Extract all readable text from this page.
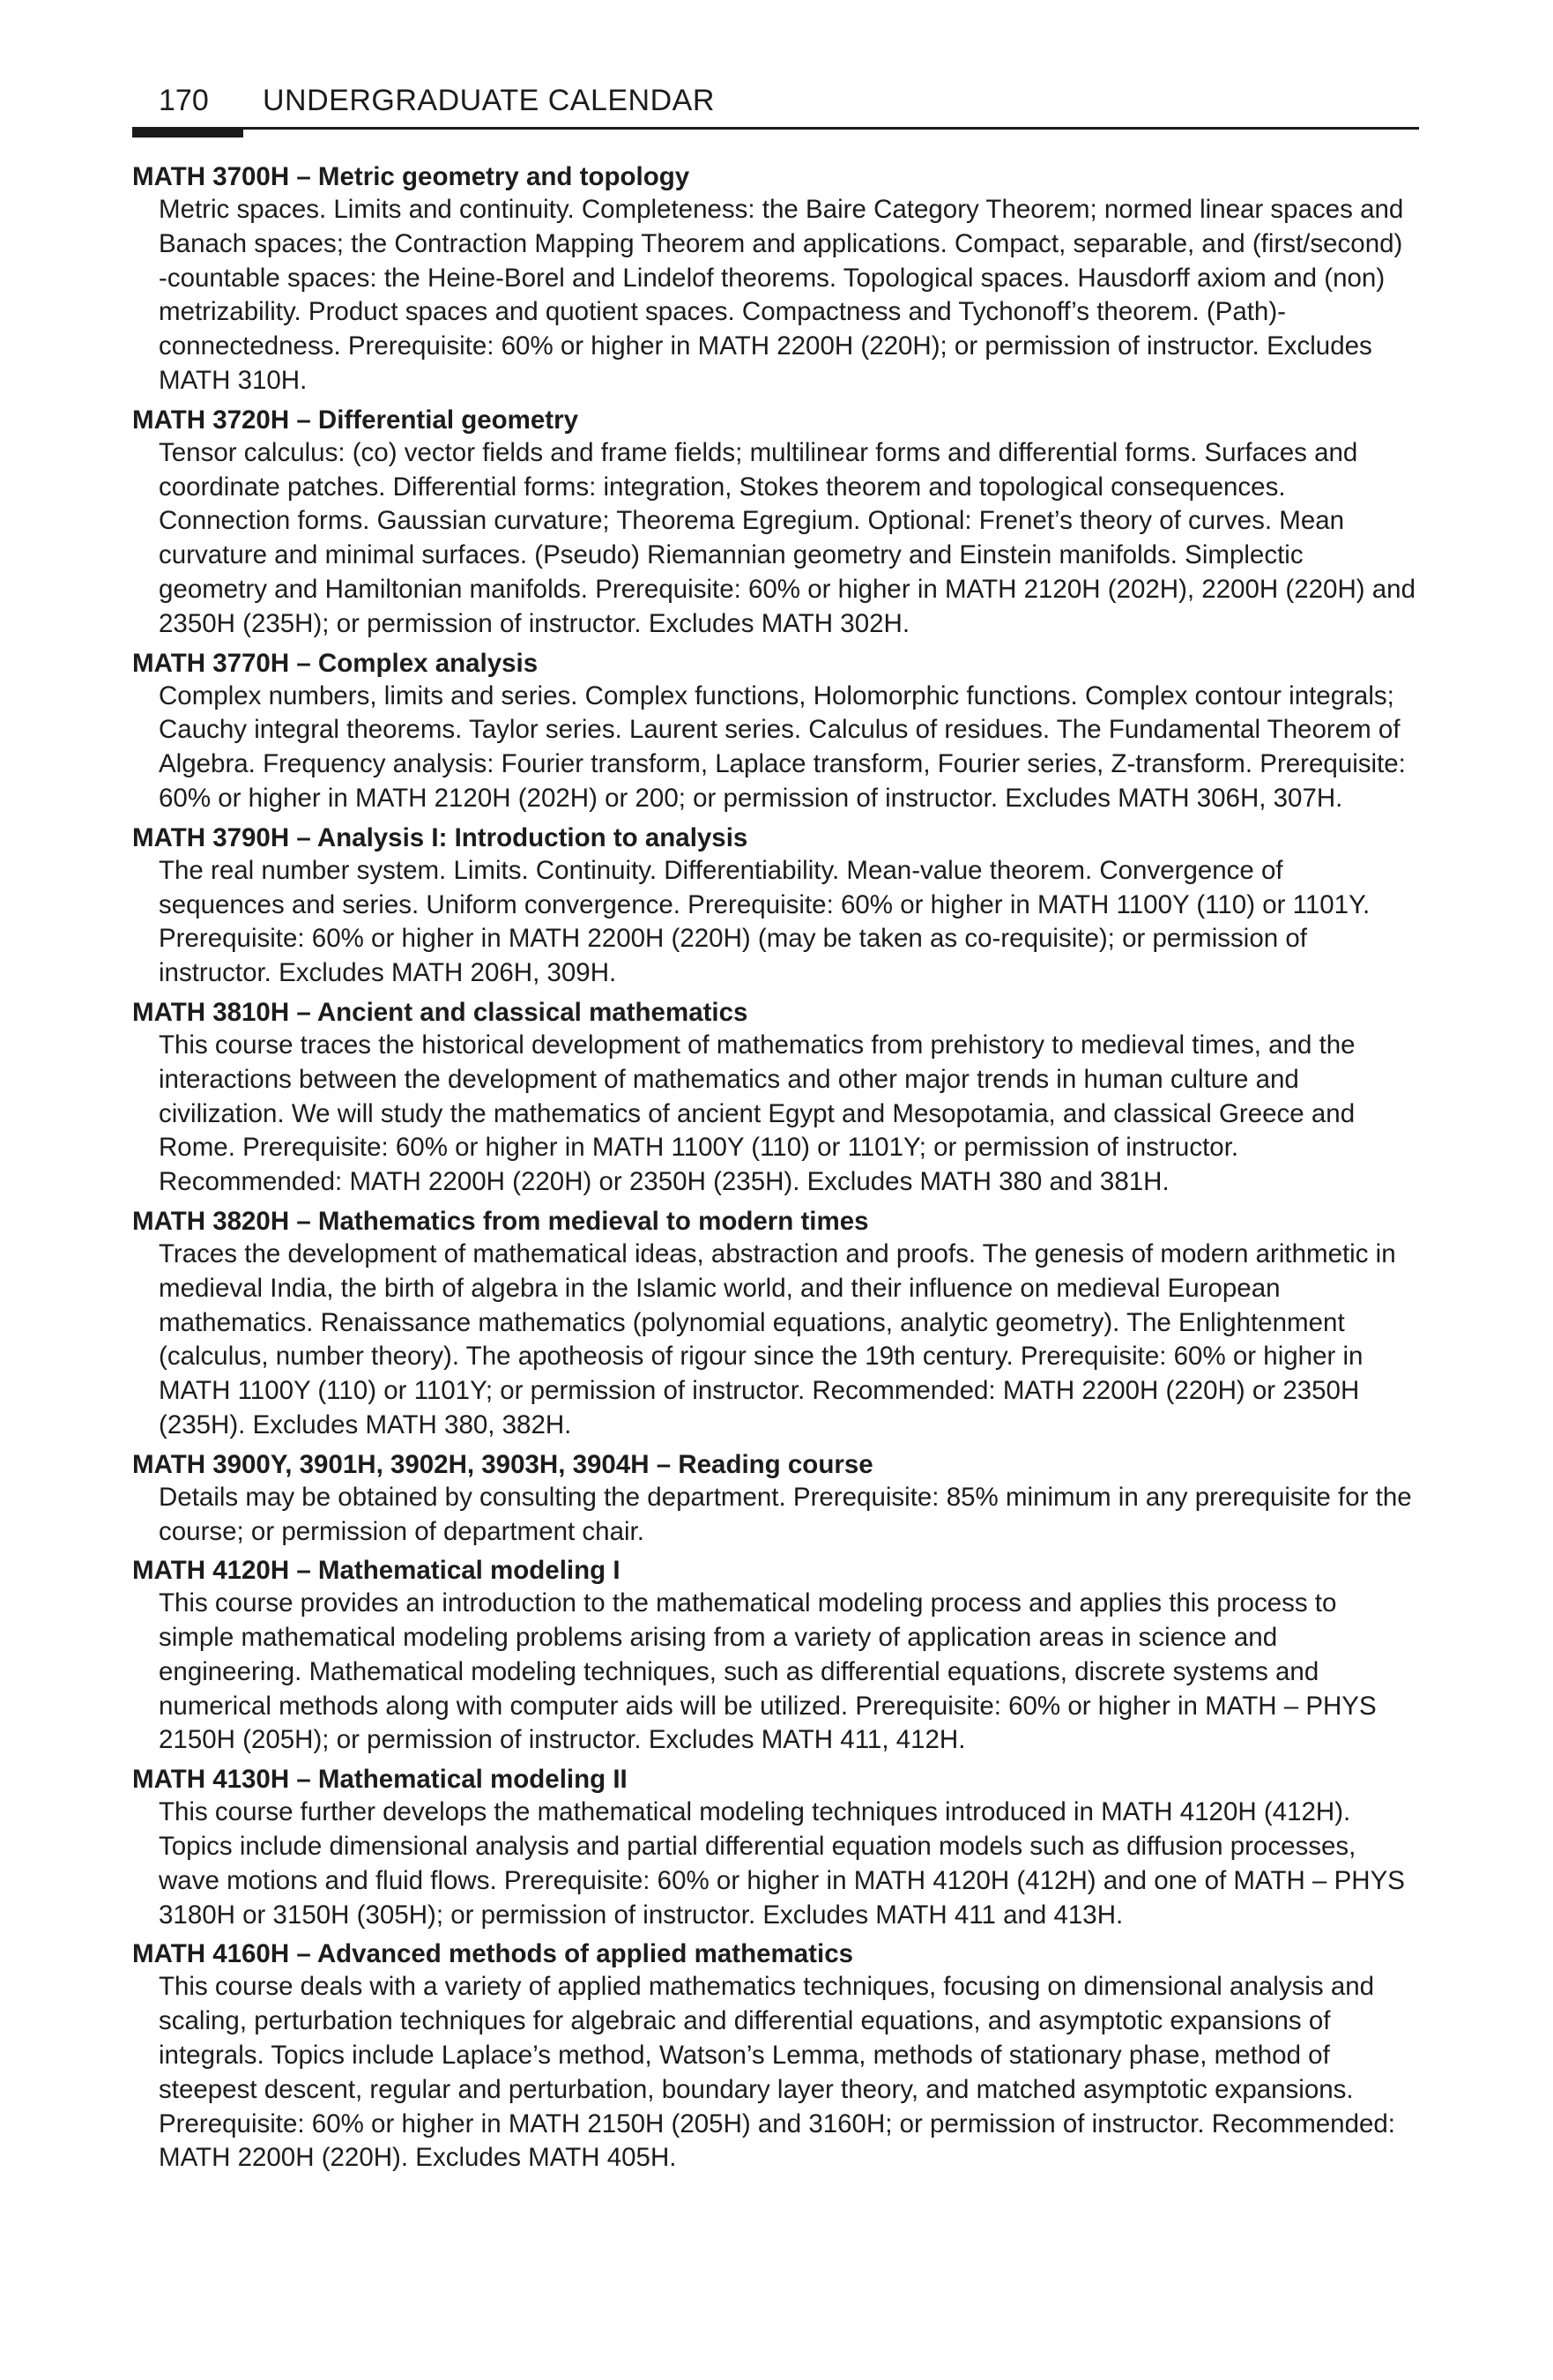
170 UNDERGRADUATE CALENDAR

MATH 3700H – Metric geometry and topology

Metric spaces. Limits and continuity. Completeness: the Baire Category Theorem; normed linear spaces and Banach spaces; the Contraction Mapping Theorem and applications. Compact, separable, and (first/second) -countable spaces: the Heine-Borel and Lindelof theorems. Topological spaces. Hausdorff axiom and (non) metrizability. Product spaces and quotient spaces. Compactness and Tychonoff’s theorem. (Path)-connectedness. Prerequisite: 60% or higher in MATH 2200H (220H); or permission of instructor. Excludes MATH 310H.

MATH 3720H – Differential geometry

Tensor calculus: (co) vector fields and frame fields; multilinear forms and differential forms. Surfaces and coordinate patches. Differential forms: integration, Stokes theorem and topological consequences. Connection forms. Gaussian curvature; Theorema Egregium. Optional: Frenet’s theory of curves. Mean curvature and minimal surfaces. (Pseudo) Riemannian geometry and Einstein manifolds. Simplectic geometry and Hamiltonian manifolds. Prerequisite: 60% or higher in MATH 2120H (202H), 2200H (220H) and 2350H (235H); or permission of instructor. Excludes MATH 302H.

MATH 3770H – Complex analysis

Complex numbers, limits and series. Complex functions, Holomorphic functions. Complex contour integrals; Cauchy integral theorems. Taylor series. Laurent series. Calculus of residues. The Fundamental Theorem of Algebra. Frequency analysis: Fourier transform, Laplace transform, Fourier series, Z-transform. Prerequisite: 60% or higher in MATH 2120H (202H) or 200; or permission of instructor. Excludes MATH 306H, 307H.

MATH 3790H – Analysis I: Introduction to analysis

The real number system. Limits. Continuity. Differentiability. Mean-value theorem. Convergence of sequences and series. Uniform convergence. Prerequisite: 60% or higher in MATH 1100Y (110) or 1101Y. Prerequisite: 60% or higher in MATH 2200H (220H) (may be taken as co-requisite); or permission of instructor. Excludes MATH 206H, 309H.

MATH 3810H – Ancient and classical mathematics

This course traces the historical development of mathematics from prehistory to medieval times, and the interactions between the development of mathematics and other major trends in human culture and civilization. We will study the mathematics of ancient Egypt and Mesopotamia, and classical Greece and Rome. Prerequisite: 60% or higher in MATH 1100Y (110) or 1101Y; or permission of instructor. Recommended: MATH 2200H (220H) or 2350H (235H). Excludes MATH 380 and 381H.

MATH 3820H – Mathematics from medieval to modern times

Traces the development of mathematical ideas, abstraction and proofs. The genesis of modern arithmetic in medieval India, the birth of algebra in the Islamic world, and their influence on medieval European mathematics. Renaissance mathematics (polynomial equations, analytic geometry). The Enlightenment (calculus, number theory). The apotheosis of rigour since the 19th century. Prerequisite: 60% or higher in MATH 1100Y (110) or 1101Y; or permission of instructor. Recommended: MATH 2200H (220H) or 2350H (235H). Excludes MATH 380, 382H.

MATH 3900Y, 3901H, 3902H, 3903H, 3904H – Reading course

Details may be obtained by consulting the department. Prerequisite: 85% minimum in any prerequisite for the course; or permission of department chair.

MATH 4120H – Mathematical modeling I

This course provides an introduction to the mathematical modeling process and applies this process to simple mathematical modeling problems arising from a variety of application areas in science and engineering. Mathematical modeling techniques, such as differential equations, discrete systems and numerical methods along with computer aids will be utilized. Prerequisite: 60% or higher in MATH – PHYS 2150H (205H); or permission of instructor. Excludes MATH 411, 412H.

MATH 4130H – Mathematical modeling II

This course further develops the mathematical modeling techniques introduced in MATH 4120H (412H). Topics include dimensional analysis and partial differential equation models such as diffusion processes, wave motions and fluid flows. Prerequisite: 60% or higher in MATH 4120H (412H) and one of MATH – PHYS 3180H or 3150H (305H); or permission of instructor. Excludes MATH 411 and 413H.

MATH 4160H – Advanced methods of applied mathematics

This course deals with a variety of applied mathematics techniques, focusing on dimensional analysis and scaling, perturbation techniques for algebraic and differential equations, and asymptotic expansions of integrals. Topics include Laplace’s method, Watson’s Lemma, methods of stationary phase, method of steepest descent, regular and perturbation, boundary layer theory, and matched asymptotic expansions. Prerequisite: 60% or higher in MATH 2150H (205H) and 3160H; or permission of instructor. Recommended: MATH 2200H (220H). Excludes MATH 405H.
